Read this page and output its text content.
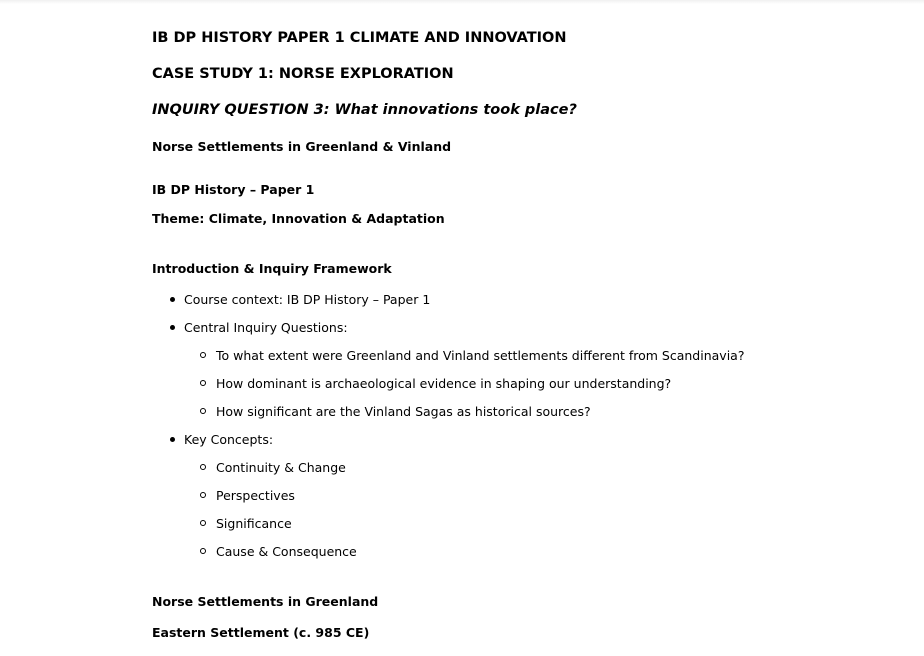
IB DP HISTORY PAPER 1 CLIMATE AND INNOVATION
CASE STUDY 1: NORSE EXPLORATION
INQUIRY QUESTION 3: What innovations took place?
Norse Settlements in Greenland & Vinland
IB DP History – Paper 1
Theme: Climate, Innovation & Adaptation
Introduction & Inquiry Framework
Course context: IB DP History – Paper 1
Central Inquiry Questions:
To what extent were Greenland and Vinland settlements different from Scandinavia?
How dominant is archaeological evidence in shaping our understanding?
How significant are the Vinland Sagas as historical sources?
Key Concepts:
Continuity & Change
Perspectives
Significance
Cause & Consequence
Norse Settlements in Greenland
Eastern Settlement (c. 985 CE)
